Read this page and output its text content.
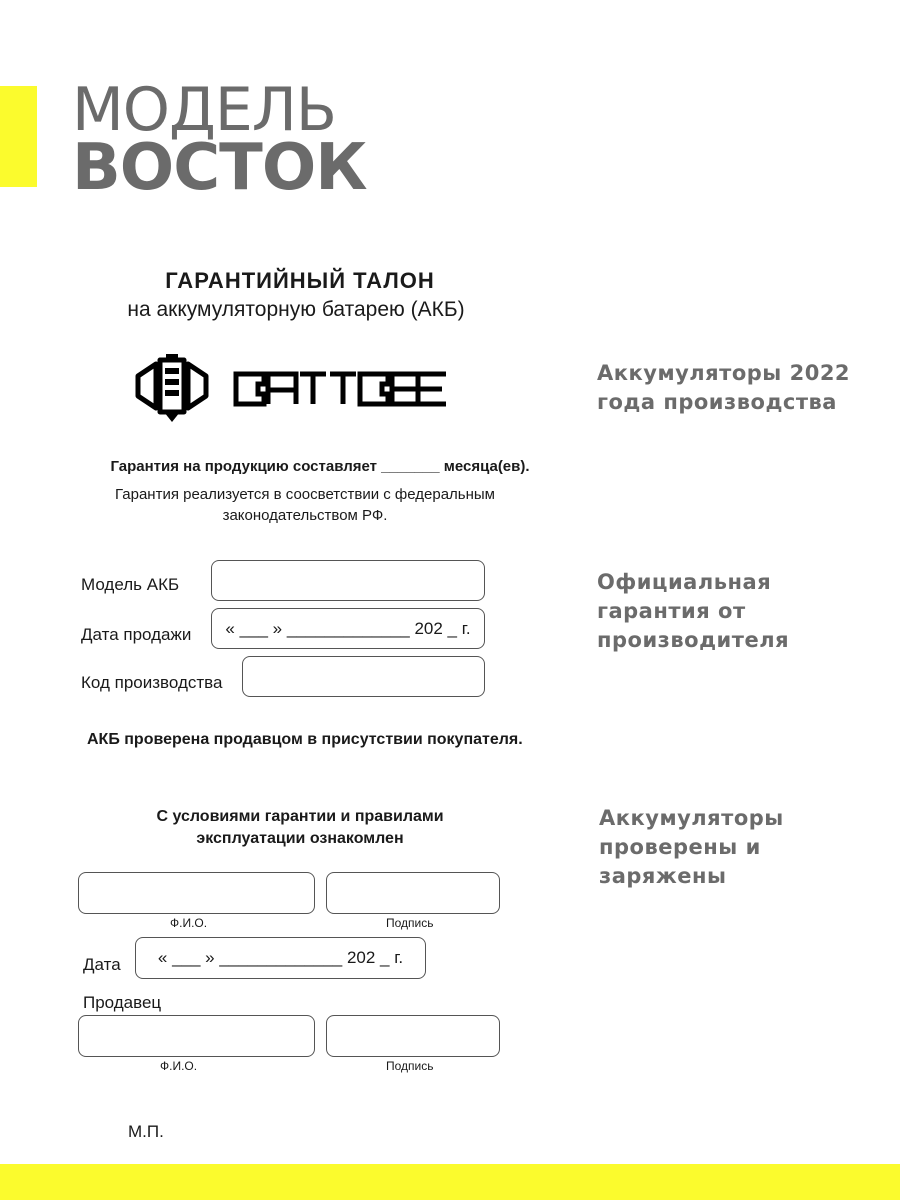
МОДЕЛЬ
ВОСТОК
ГАРАНТИЙНЫЙ ТАЛОН
на аккумуляторную батарею (АКБ)
Гарантия на продукцию составляет _______ месяца(ев).
Гарантия реализуется в соосветствии с федеральным законодательством РФ.
Модель АКБ
Дата продажи	« ___ » _____________ 202 _ г.
Код производства
АКБ проверена продавцом в присутствии покупателя.
С условиями гарантии и правилами эксплуатации ознакомлен
Ф.И.О.	Подпись
Дата	« ___ » _____________ 202 _ г.
Продавец
Ф.И.О.	Подпись
М.П.
Аккумуляторы 2022 года производства
Официальная гарантия от производителя
Аккумуляторы проверены и заряжены
